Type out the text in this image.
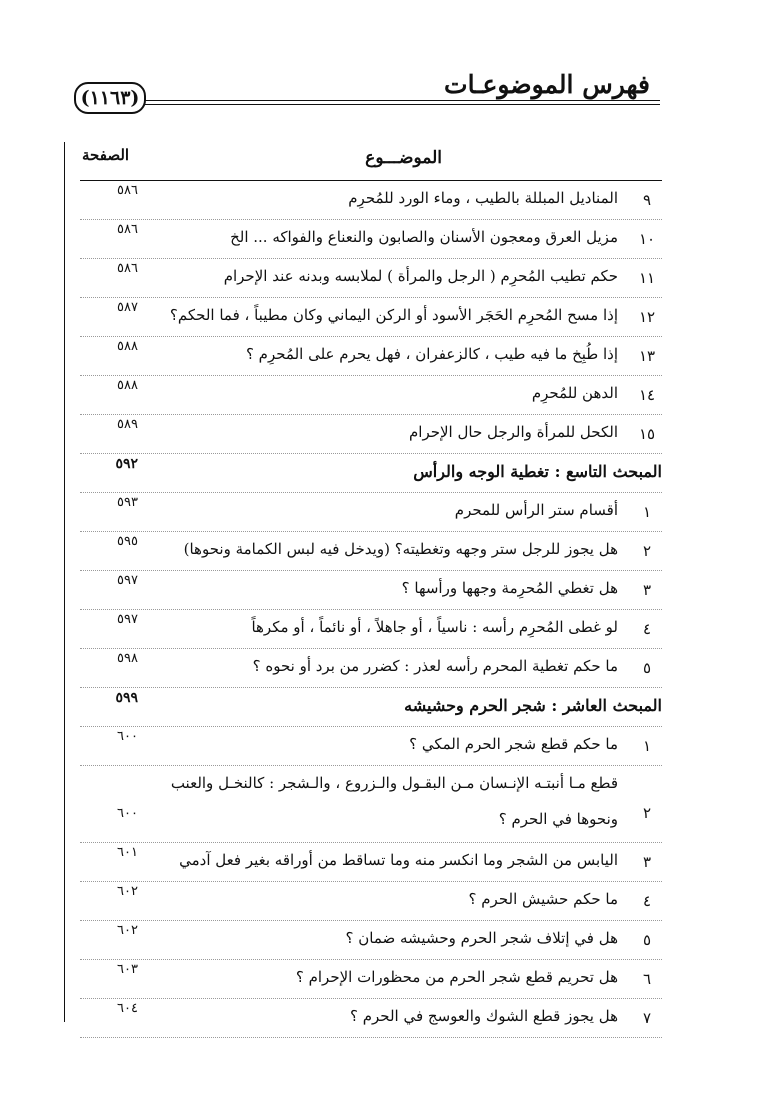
فهرس الموضوعـات
(١١٦٣)
الموضـــوع
الصفحة
٩
المناديل المبللة بالطيب ، وماء الورد للمُحرِم
٥٨٦
١٠
مزيل العرق ومعجون الأسنان والصابون والنعناع والفواكه ... الخ
٥٨٦
١١
حكم تطيب المُحرِم ( الرجل والمرأة ) لملابسه وبدنه عند الإحرام
٥٨٦
١٢
إذا مسح المُحرِم الحَجَر الأسود أو الركن اليماني وكان مطيباً ، فما الحكم؟
٥٨٧
١٣
إذا طُبِخ ما فيه طيب ، كالزعفران ، فهل يحرم على المُحرِم ؟
٥٨٨
١٤
الدهن للمُحرِم
٥٨٨
١٥
الكحل للمرأة والرجل حال الإحرام
٥٨٩
المبحث التاسع : تغطية الوجه والرأس
٥٩٢
١
أقسام ستر الرأس للمحرم
٥٩٣
٢
هل يجوز للرجل ستر وجهه وتغطيته؟ (ويدخل فيه لبس الكمامة ونحوها)
٥٩٥
٣
هل تغطي المُحرِمة وجهها ورأسها ؟
٥٩٧
٤
لو غطى المُحرِم رأسه : ناسياً ، أو جاهلاً ، أو نائماً ، أو مكرهاً
٥٩٧
٥
ما حكم تغطية المحرم رأسه لعذر : كضرر من برد أو نحوه ؟
٥٩٨
المبحث العاشر : شجر الحرم وحشيشه
٥٩٩
١
ما حكم قطع شجر الحرم المكي ؟
٦٠٠
٢
قطع مـا أنبتـه الإنـسان مـن البقـول والـزروع ، والـشجر : كالنخـل والعنب
ونحوها في الحرم ؟
٦٠٠
٣
اليابس من الشجر وما انكسر منه وما تساقط من أوراقه بغير فعل آدمي
٦٠١
٤
ما حكم حشيش الحرم ؟
٦٠٢
٥
هل في إتلاف شجر الحرم وحشيشه ضمان ؟
٦٠٢
٦
هل تحريم قطع شجر الحرم من محظورات الإحرام ؟
٦٠٣
٧
هل يجوز قطع الشوك والعوسج في الحرم ؟
٦٠٤
